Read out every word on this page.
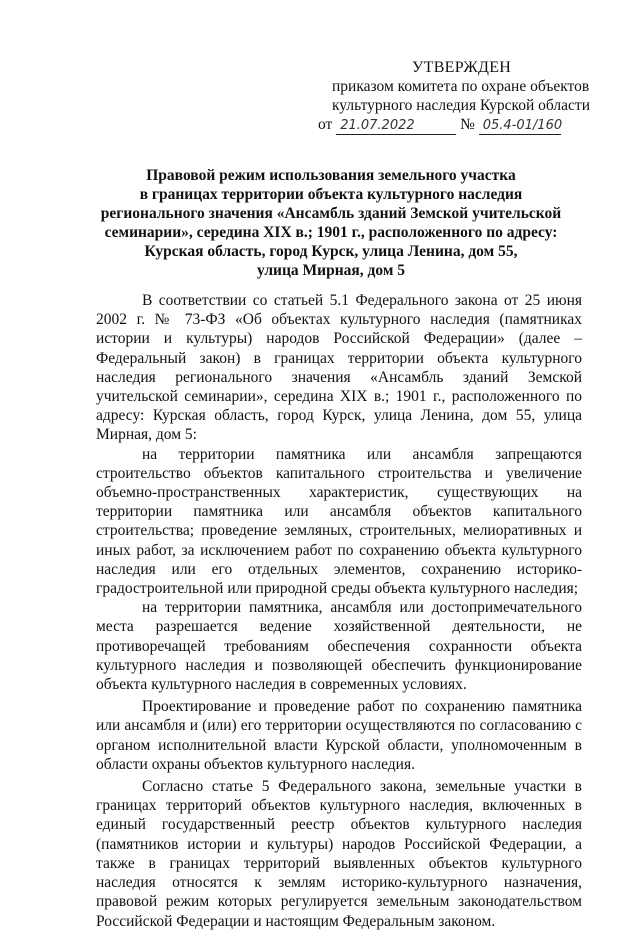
УТВЕРЖДЕН
приказом комитета по охране объектов
культурного наследия Курской области
от 21.07.2022	№ 05.4-01/160
Правовой режим использования земельного участка
в границах территории объекта культурного наследия
регионального значения «Ансамбль зданий Земской учительской
семинарии», середина XIX в.; 1901 г., расположенного по адресу:
Курская область, город Курск, улица Ленина, дом 55,
улица Мирная, дом 5

В соответствии со статьей 5.1 Федерального закона от 25 июня 2002 г. № 73-ФЗ «Об объектах культурного наследия (памятниках истории и культуры) народов Российской Федерации» (далее – Федеральный закон) в границах территории объекта культурного наследия регионального значения «Ансамбль зданий Земской учительской семинарии», середина XIX в.; 1901 г., расположенного по адресу: Курская область, город Курск, улица Ленина, дом 55, улица Мирная, дом 5:

на территории памятника или ансамбля запрещаются строительство объектов капитального строительства и увеличение объемно-пространственных характеристик, существующих на территории памятника или ансамбля объектов капитального строительства; проведение земляных, строительных, мелиоративных и иных работ, за исключением работ по сохранению объекта культурного наследия или его отдельных элементов, сохранению историко-градостроительной или природной среды объекта культурного наследия;

на территории памятника, ансамбля или достопримечательного места разрешается ведение хозяйственной деятельности, не противоречащей требованиям обеспечения сохранности объекта культурного наследия и позволяющей обеспечить функционирование объекта культурного наследия в современных условиях.

Проектирование и проведение работ по сохранению памятника или ансамбля и (или) его территории осуществляются по согласованию с органом исполнительной власти Курской области, уполномоченным в области охраны объектов культурного наследия.

Согласно статье 5 Федерального закона, земельные участки в границах территорий объектов культурного наследия, включенных в единый государственный реестр объектов культурного наследия (памятников истории и культуры) народов Российской Федерации, а также в границах территорий выявленных объектов культурного наследия относятся к землям историко-культурного назначения, правовой режим которых регулируется земельным законодательством Российской Федерации и настоящим Федеральным законом.
